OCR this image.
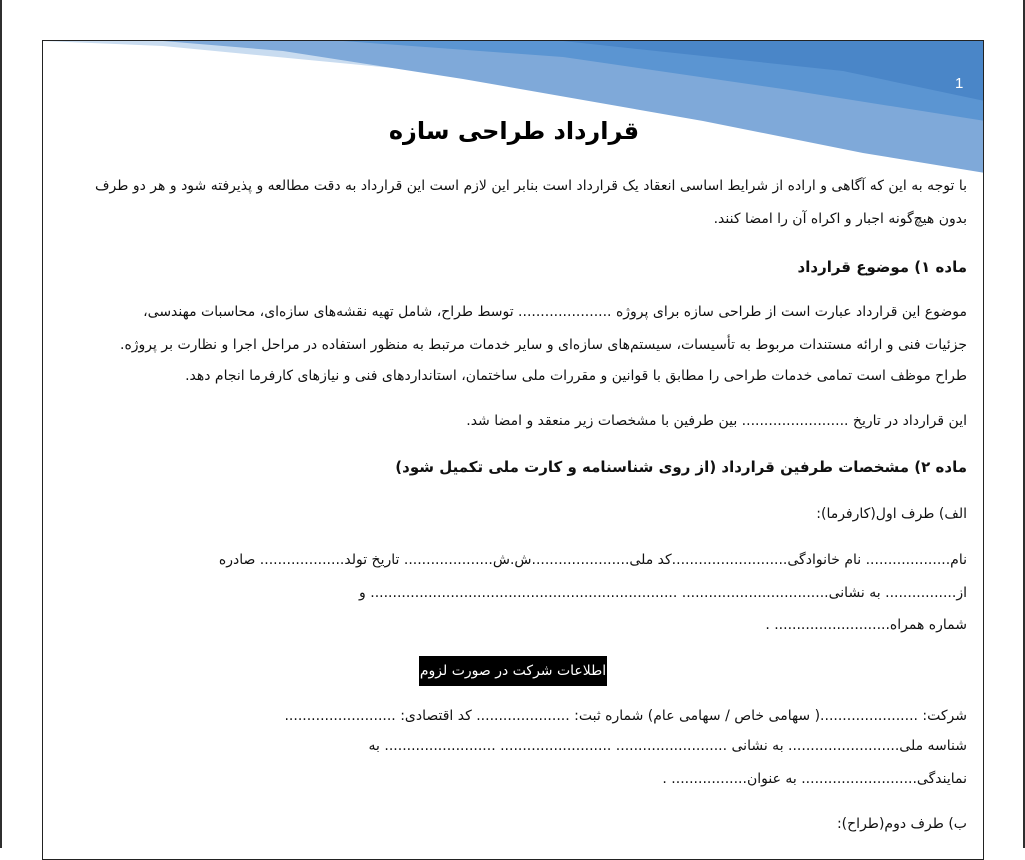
1
قرارداد طراحی سازه
با توجه به این که آگاهی و اراده از شرایط اساسی انعقاد یک قرارداد است بنابر این لازم است این قرارداد به دقت مطالعه و پذیرفته شود و هر دو طرف
بدون هیچ‌گونه اجبار و اکراه آن را امضا کنند.
ماده ۱) موضوع قرارداد
موضوع این قرارداد عبارت است از طراحی سازه برای پروژه ..................... توسط طراح، شامل تهیه نقشه‌های سازه‌ای، محاسبات مهندسی،
جزئیات فنی و ارائه مستندات مربوط به تأسیسات، سیستم‌های سازه‌ای و سایر خدمات مرتبط به منظور استفاده در مراحل اجرا و نظارت بر پروژه.
طراح موظف است تمامی خدمات طراحی را مطابق با قوانین و مقررات ملی ساختمان، استانداردهای فنی و نیازهای کارفرما انجام دهد.
این قرارداد در تاریخ ........................ بین طرفین با مشخصات زیر منعقد و امضا شد.
ماده ۲) مشخصات طرفین قرارداد (از روی شناسنامه و کارت ملی تکمیل شود)
الف) طرف اول(کارفرما):
نام................... نام خانوادگی..........................کد ملی......................ش.ش.................... تاریخ تولد................... صادره
از................ به نشانی................................. ..................................................................... و
شماره همراه.......................... .
اطلاعات شرکت در صورت لزوم
شرکت: ......................( سهامی خاص / سهامی عام) شماره ثبت: ..................... کد اقتصادی: .........................
شناسه ملی......................... به نشانی ......................... ......................... ......................... به
نمایندگی.......................... به عنوان................. .
ب) طرف دوم(طراح):
